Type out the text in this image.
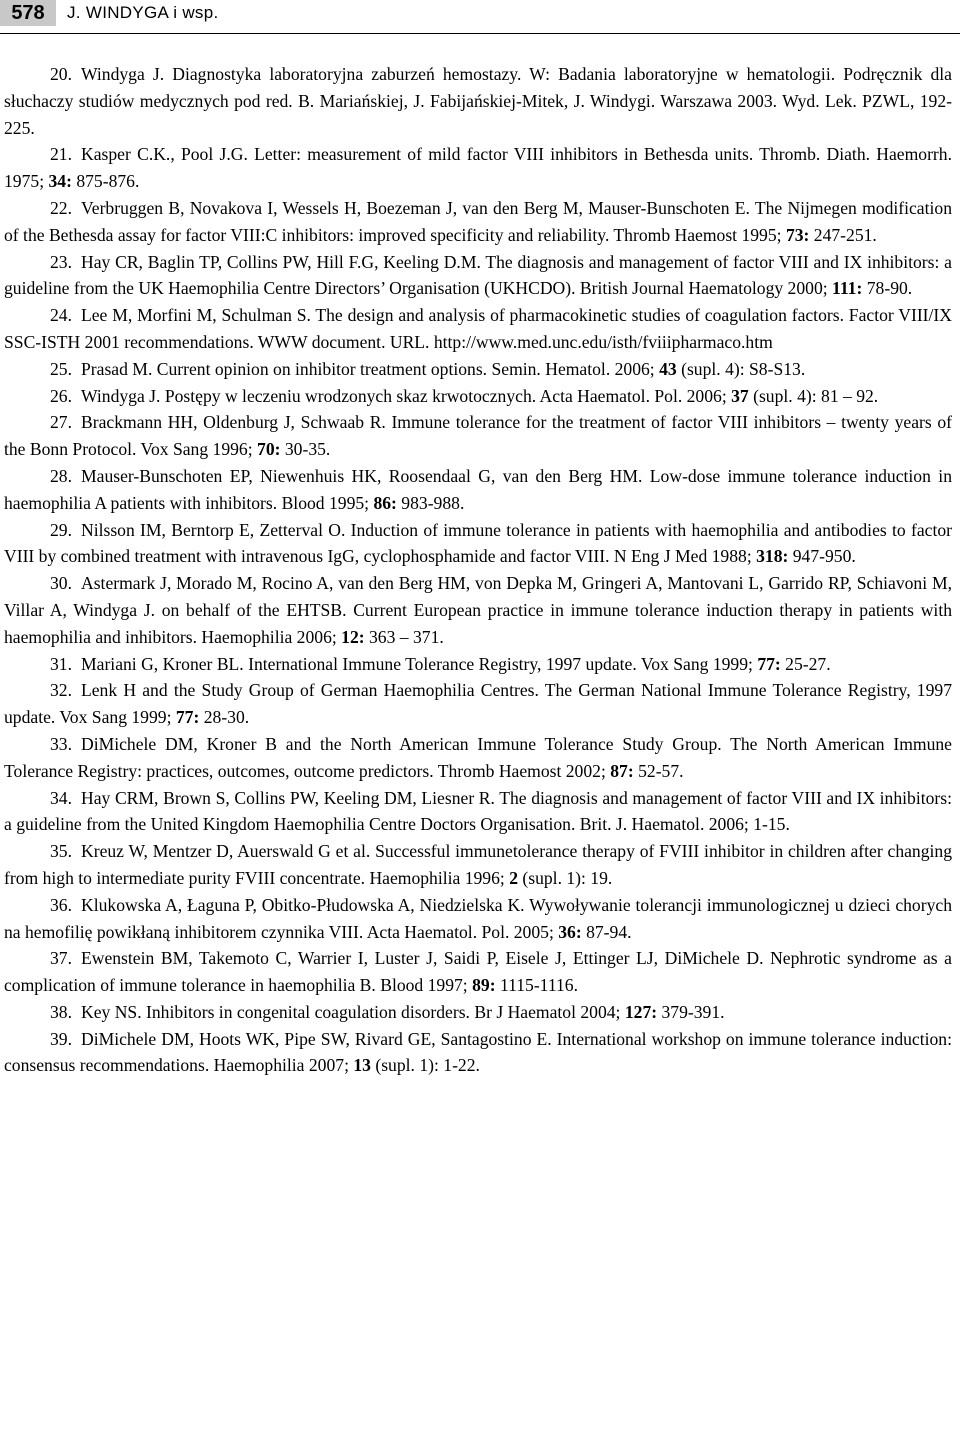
578	J. WINDYGA i wsp.
20. Windyga J. Diagnostyka laboratoryjna zaburzeń hemostazy. W: Badania laboratoryjne w hematologii. Podręcznik dla słuchaczy studiów medycznych pod red. B. Mariańskiej, J. Fabijańskiej-Mitek, J. Windygi. Warszawa 2003. Wyd. Lek. PZWL, 192-225.
21. Kasper C.K., Pool J.G. Letter: measurement of mild factor VIII inhibitors in Bethesda units. Thromb. Diath. Haemorrh. 1975; 34: 875-876.
22. Verbruggen B, Novakova I, Wessels H, Boezeman J, van den Berg M, Mauser-Bunschoten E. The Nijmegen modification of the Bethesda assay for factor VIII:C inhibitors: improved specificity and reliability. Thromb Haemost 1995; 73: 247-251.
23. Hay CR, Baglin TP, Collins PW, Hill F.G, Keeling D.M. The diagnosis and management of factor VIII and IX inhibitors: a guideline from the UK Haemophilia Centre Directors’ Organisation (UKHCDO). British Journal Haematology 2000; 111: 78-90.
24. Lee M, Morfini M, Schulman S. The design and analysis of pharmacokinetic studies of coagulation factors. Factor VIII/IX SSC-ISTH 2001 recommendations. WWW document. URL. http://www.med.unc.edu/isth/fviiipharmaco.htm
25. Prasad M. Current opinion on inhibitor treatment options. Semin. Hematol. 2006; 43 (supl. 4): S8-S13.
26. Windyga J. Postępy w leczeniu wrodzonych skaz krwotocznych. Acta Haematol. Pol. 2006; 37 (supl. 4): 81 – 92.
27. Brackmann HH, Oldenburg J, Schwaab R. Immune tolerance for the treatment of factor VIII inhibitors – twenty years of the Bonn Protocol. Vox Sang 1996; 70: 30-35.
28. Mauser-Bunschoten EP, Niewenhuis HK, Roosendaal G, van den Berg HM. Low-dose immune tolerance induction in haemophilia A patients with inhibitors. Blood 1995; 86: 983-988.
29. Nilsson IM, Berntorp E, Zetterval O. Induction of immune tolerance in patients with haemophilia and antibodies to factor VIII by combined treatment with intravenous IgG, cyclophosphamide and factor VIII. N Eng J Med 1988; 318: 947-950.
30. Astermark J, Morado M, Rocino A, van den Berg HM, von Depka M, Gringeri A, Mantovani L, Garrido RP, Schiavoni M, Villar A, Windyga J. on behalf of the EHTSB. Current European practice in immune tolerance induction therapy in patients with haemophilia and inhibitors. Haemophilia 2006; 12: 363 – 371.
31. Mariani G, Kroner BL. International Immune Tolerance Registry, 1997 update. Vox Sang 1999; 77: 25-27.
32. Lenk H and the Study Group of German Haemophilia Centres. The German National Immune Tolerance Registry, 1997 update. Vox Sang 1999; 77: 28-30.
33. DiMichele DM, Kroner B and the North American Immune Tolerance Study Group. The North American Immune Tolerance Registry: practices, outcomes, outcome predictors. Thromb Haemost 2002; 87: 52-57.
34. Hay CRM, Brown S, Collins PW, Keeling DM, Liesner R. The diagnosis and management of factor VIII and IX inhibitors: a guideline from the United Kingdom Haemophilia Centre Doctors Organisation. Brit. J. Haematol. 2006; 1-15.
35. Kreuz W, Mentzer D, Auerswald G et al. Successful immunetolerance therapy of FVIII inhibitor in children after changing from high to intermediate purity FVIII concentrate. Haemophilia 1996; 2 (supl. 1): 19.
36. Klukowska A, Łaguna P, Obitko-Płudowska A, Niedzielska K. Wywoływanie tolerancji immunologicznej u dzieci chorych na hemofilię powikłaną inhibitorem czynnika VIII. Acta Haematol. Pol. 2005; 36: 87-94.
37. Ewenstein BM, Takemoto C, Warrier I, Luster J, Saidi P, Eisele J, Ettinger LJ, DiMichele D. Nephrotic syndrome as a complication of immune tolerance in haemophilia B. Blood 1997; 89: 1115-1116.
38. Key NS. Inhibitors in congenital coagulation disorders. Br J Haematol 2004; 127: 379-391.
39. DiMichele DM, Hoots WK, Pipe SW, Rivard GE, Santagostino E. International workshop on immune tolerance induction: consensus recommendations. Haemophilia 2007; 13 (supl. 1): 1-22.
